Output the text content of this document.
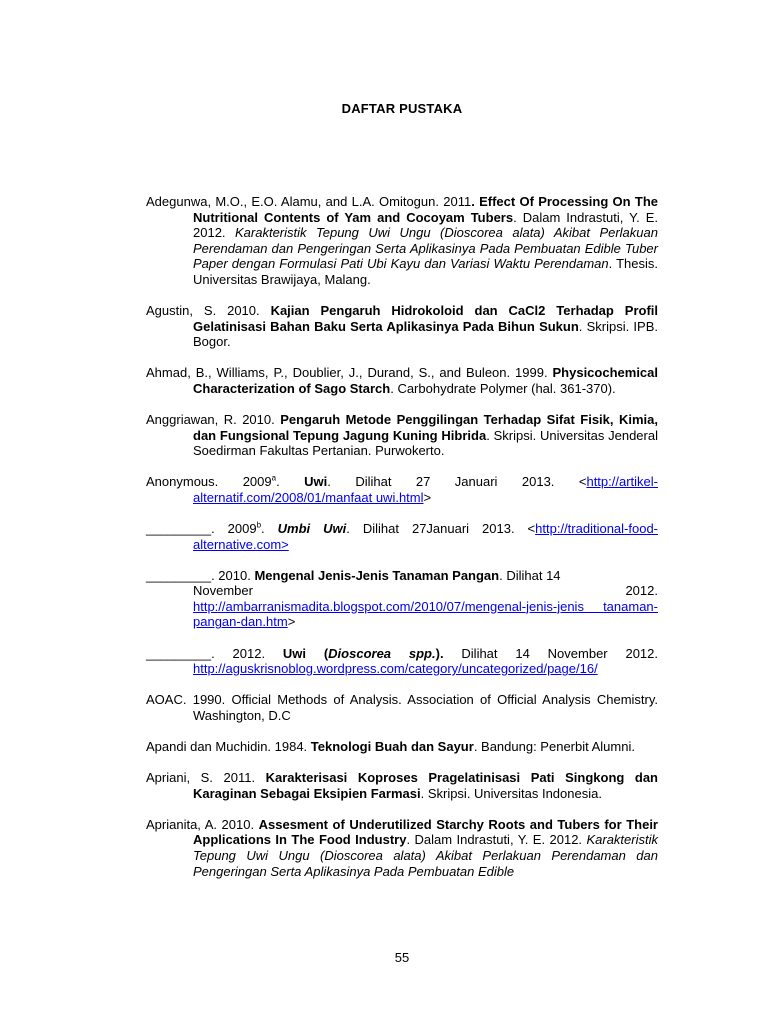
DAFTAR PUSTAKA

Adegunwa, M.O., E.O. Alamu, and L.A. Omitogun. 2011. Effect Of Processing On The Nutritional Contents of Yam and Cocoyam Tubers. Dalam Indrastuti, Y. E. 2012. Karakteristik Tepung Uwi Ungu (Dioscorea alata) Akibat Perlakuan Perendaman dan Pengeringan Serta Aplikasinya Pada Pembuatan Edible Tuber Paper dengan Formulasi Pati Ubi Kayu dan Variasi Waktu Perendaman. Thesis. Universitas Brawijaya, Malang.

Agustin, S. 2010. Kajian Pengaruh Hidrokoloid dan CaCl2 Terhadap Profil Gelatinisasi Bahan Baku Serta Aplikasinya Pada Bihun Sukun. Skripsi. IPB. Bogor.

Ahmad, B., Williams, P., Doublier, J., Durand, S., and Buleon. 1999. Physicochemical Characterization of Sago Starch. Carbohydrate Polymer (hal. 361-370).

Anggriawan, R. 2010. Pengaruh Metode Penggilingan Terhadap Sifat Fisik, Kimia, dan Fungsional Tepung Jagung Kuning Hibrida. Skripsi. Universitas Jenderal Soedirman Fakultas Pertanian. Purwokerto.

Anonymous. 2009$^a$. Uwi. Dilihat 27 Januari 2013. <http://artikel-alternatif.com/2008/01/manfaat uwi.html>

_________. 2009$^b$. Umbi Uwi. Dilihat 27Januari 2013. <http://traditional-food-alternative.com>

_________. 2010. Mengenal Jenis-Jenis Tanaman Pangan. Dilihat 14
November	2012.
http://ambarranismadita.blogspot.com/2010/07/mengenal-jenis-jenis tanaman-pangan-dan.htm>

_________. 2012. Uwi (Dioscorea spp.). Dilihat 14 November 2012. http://aguskrisnoblog.wordpress.com/category/uncategorized/page/16/

AOAC. 1990. Official Methods of Analysis. Association of Official Analysis Chemistry. Washington, D.C

Apandi dan Muchidin. 1984. Teknologi Buah dan Sayur. Bandung: Penerbit Alumni.

Apriani, S. 2011. Karakterisasi Koproses Pragelatinisasi Pati Singkong dan Karaginan Sebagai Eksipien Farmasi. Skripsi. Universitas Indonesia.

Aprianita, A. 2010. Assesment of Underutilized Starchy Roots and Tubers for Their Applications In The Food Industry. Dalam Indrastuti, Y. E. 2012. Karakteristik Tepung Uwi Ungu (Dioscorea alata) Akibat Perlakuan Perendaman dan Pengeringan Serta Aplikasinya Pada Pembuatan Edible

55
